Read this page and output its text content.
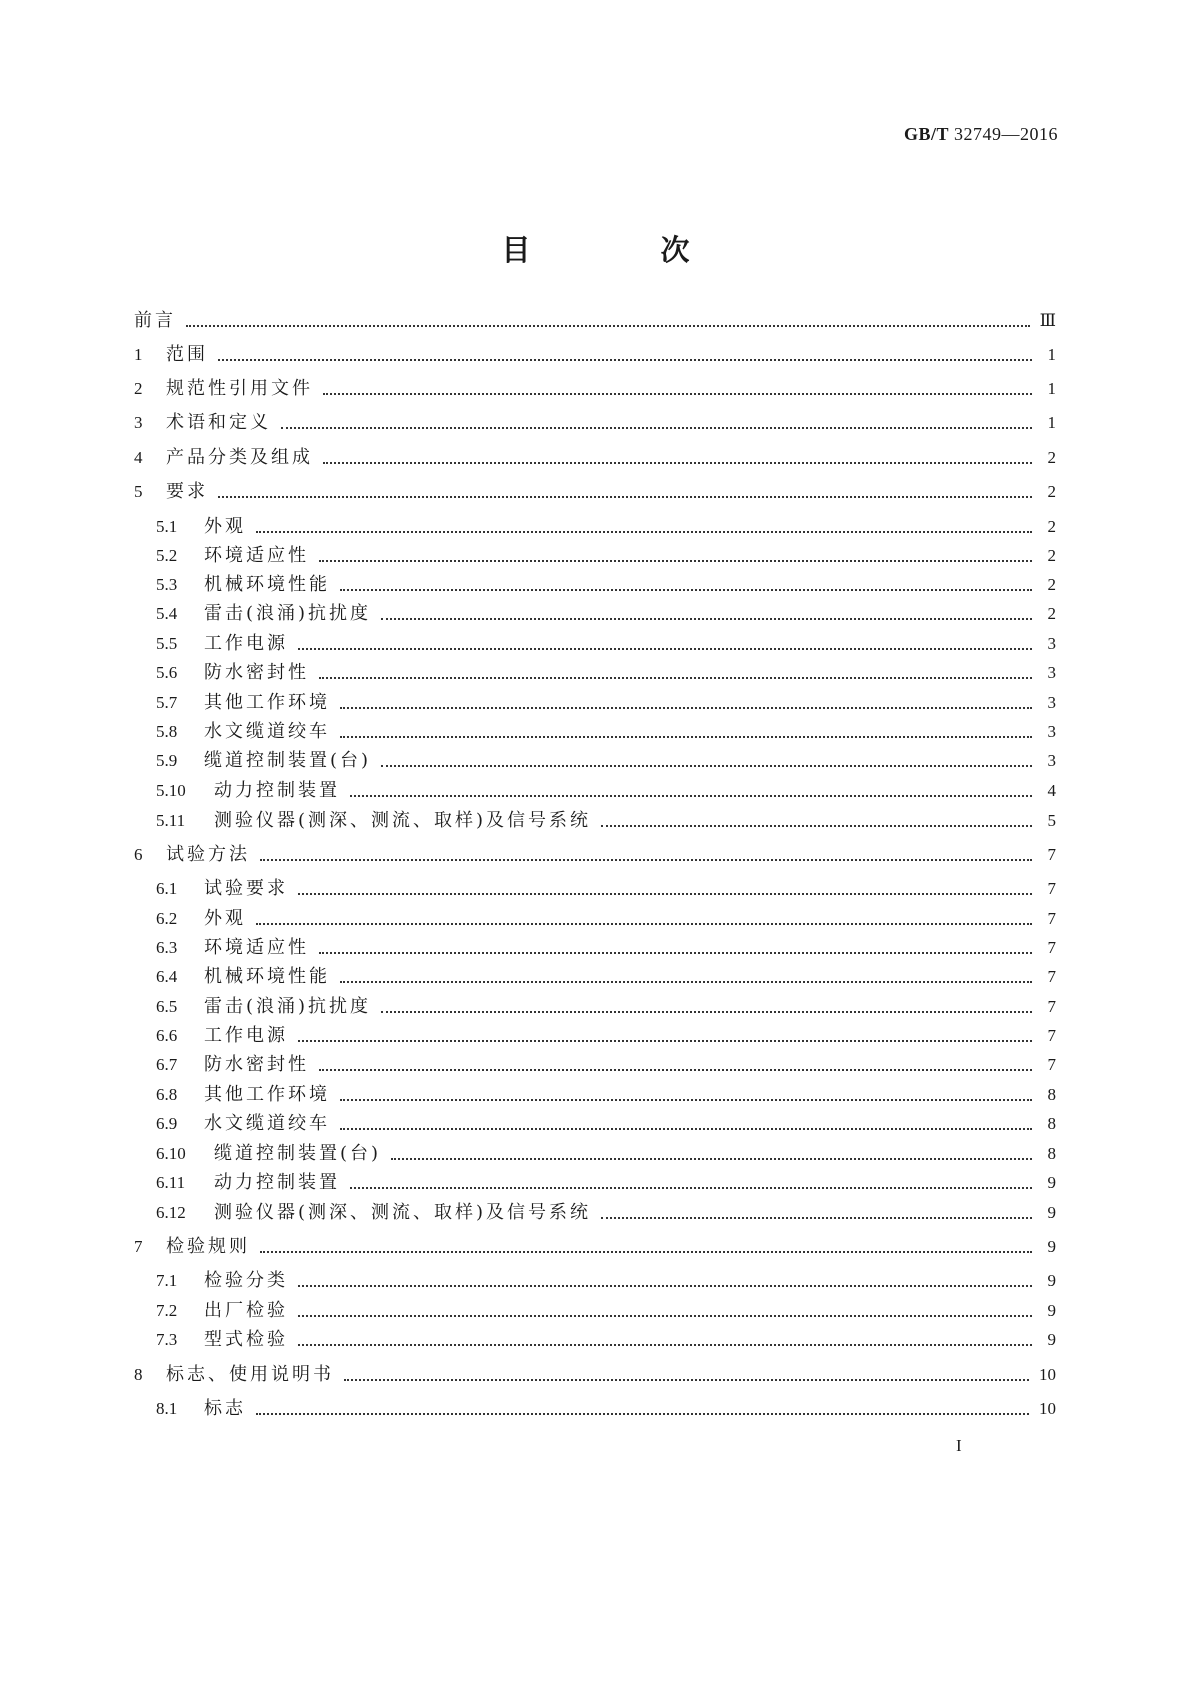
GB/T 32749—2016
目 次
前言	Ⅲ
1	范围	1
2	规范性引用文件	1
3	术语和定义	1
4	产品分类及组成	2
5	要求	2
5.1	外观	2
5.2	环境适应性	2
5.3	机械环境性能	2
5.4	雷击(浪涌)抗扰度	2
5.5	工作电源	3
5.6	防水密封性	3
5.7	其他工作环境	3
5.8	水文缆道绞车	3
5.9	缆道控制装置(台)	3
5.10	动力控制装置	4
5.11	测验仪器(测深、测流、取样)及信号系统	5
6	试验方法	7
6.1	试验要求	7
6.2	外观	7
6.3	环境适应性	7
6.4	机械环境性能	7
6.5	雷击(浪涌)抗扰度	7
6.6	工作电源	7
6.7	防水密封性	7
6.8	其他工作环境	8
6.9	水文缆道绞车	8
6.10	缆道控制装置(台)	8
6.11	动力控制装置	9
6.12	测验仪器(测深、测流、取样)及信号系统	9
7	检验规则	9
7.1	检验分类	9
7.2	出厂检验	9
7.3	型式检验	9
8	标志、使用说明书	10
8.1	标志	10
I
